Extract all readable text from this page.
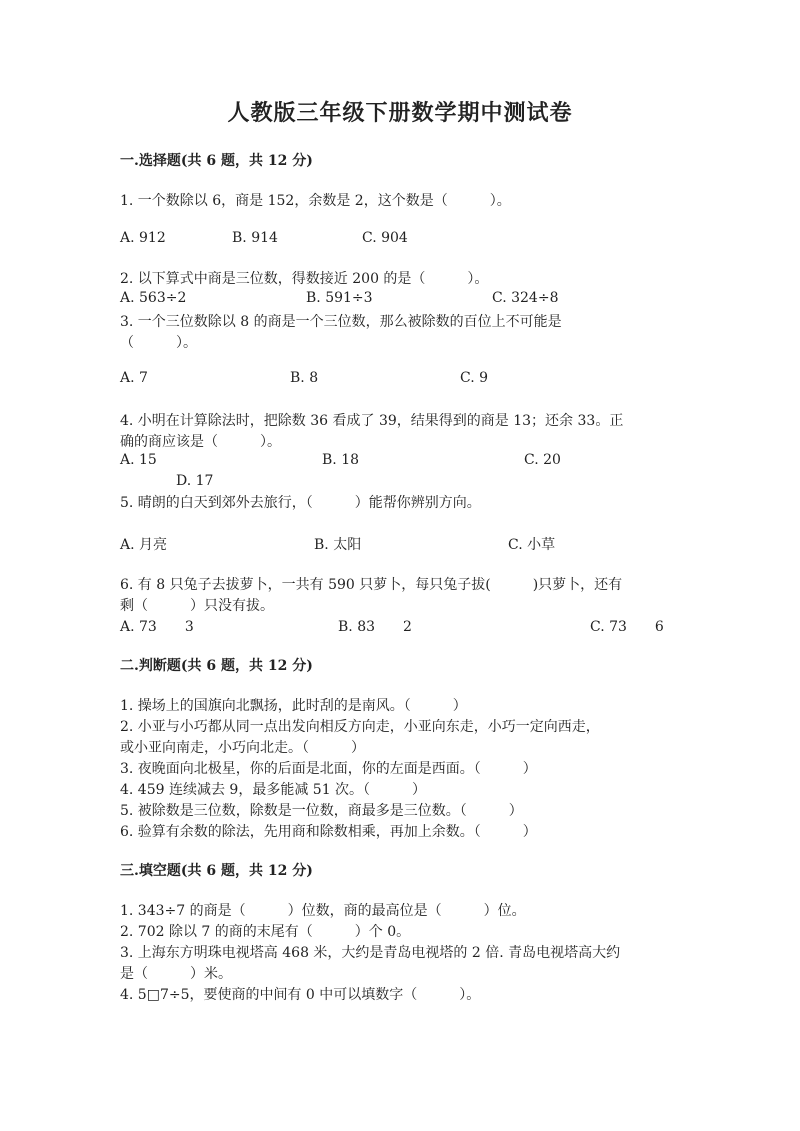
人教版三年级下册数学期中测试卷
一.选择题(共 6 题，共 12 分)
1. 一个数除以 6，商是 152，余数是 2，这个数是（　　　）。
A. 912	B. 914	C. 904
2. 以下算式中商是三位数，得数接近 200 的是（　　　）。
A. 563÷2	B. 591÷3	C. 324÷8
3. 一个三位数除以 8 的商是一个三位数，那么被除数的百位上不可能是
（　　　）。
A. 7	B. 8	C. 9
4. 小明在计算除法时，把除数 36 看成了 39，结果得到的商是 13；还余 33。正
确的商应该是（　　　）。
A. 15	B. 18	C. 20
D. 17
5. 晴朗的白天到郊外去旅行，（　　　）能帮你辨别方向。
A. 月亮	B. 太阳	C. 小草
6. 有 8 只兔子去拔萝卜，一共有 590 只萝卜，每只兔子拔(　　　)只萝卜，还有
剩（　　　）只没有拔。
A. 73　　3	B. 83　　2	C. 73　　6
二.判断题(共 6 题，共 12 分)
1. 操场上的国旗向北飘扬，此时刮的是南风。（　　　）
2. 小亚与小巧都从同一点出发向相反方向走，小亚向东走，小巧一定向西走，
或小亚向南走，小巧向北走。（　　　）
3. 夜晚面向北极星，你的后面是北面，你的左面是西面。（　　　）
4. 459 连续减去 9，最多能减 51 次。（　　　）
5. 被除数是三位数，除数是一位数，商最多是三位数。（　　　）
6. 验算有余数的除法，先用商和除数相乘，再加上余数。（　　　）
三.填空题(共 6 题，共 12 分)
1. 343÷7 的商是（　　　）位数，商的最高位是（　　　）位。
2. 702 除以 7 的商的末尾有（　　　）个 0。
3. 上海东方明珠电视塔高 468 米，大约是青岛电视塔的 2 倍. 青岛电视塔高大约
是（　　　）米。
4. 5□7÷5，要使商的中间有 0 中可以填数字（　　　）。
